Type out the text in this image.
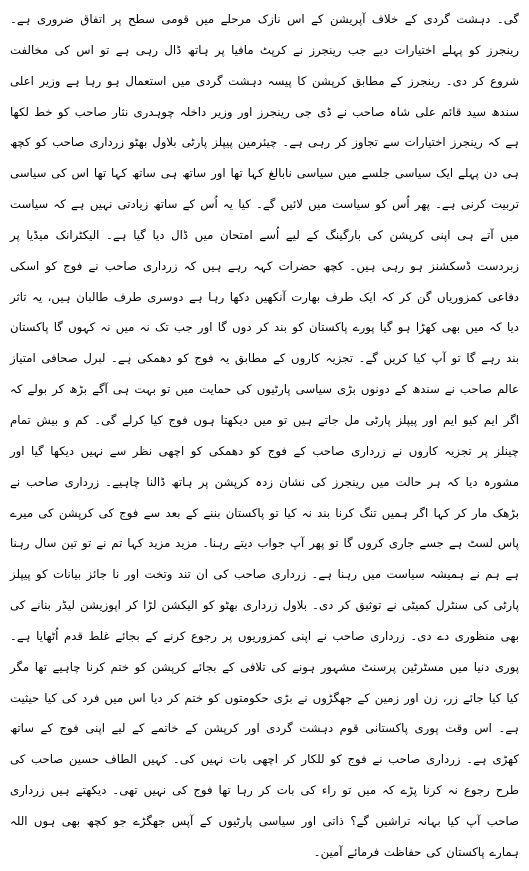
گی۔ دہشت گردی کے خلاف آپریشن کے اس نازک مرحلے میں قومی سطح پر اتفاق ضروری ہے۔ رینجرز کو پہلے اختیارات دیے جب رینجرز نے کرپٹ مافیا پر ہاتھ ڈال رہی ہے تو اس کی مخالفت شروع کر دی۔ رینجرز کے مطابق کرپشن کا پیسہ دہشت گردی میں استعمال ہو رہا ہے وزیر اعلی سندھ سید قائم علی شاہ صاحب نے ڈی جی رینجرز اور وزیر داخلہ چوہدری نثار صاحب کو خط لکھا ہے کہ رینجرز اختیارات سے تجاوز کر رہی ہے۔ چیئرمین پیپلز پارٹی بلاول بھٹو زرداری صاحب کو کچھ ہی دن پہلے ایک سیاسی جلسے میں سیاسی نابالغ کہا تھا اور ساتھ ہی ساتھ کہا تھا اس کی سیاسی تربیت کرنی ہے۔ پھر اُس کو سیاست میں لائیں گے۔ کیا یہ اُس کے ساتھ زیادتی نہیں ہے کہ سیاست میں آتے ہی اپنی کرپشن کی بارگینگ کے لیے اُسے امتحان میں ڈال دیا گیا ہے۔ الیکٹرانک میڈیا پر زبردست ڈسکشنز ہو رہی ہیں۔ کچھ حضرات کہہ رہے ہیں کہ زرداری صاحب نے فوج کو اسکی دفاعی کمزوریاں گن کر کہ ایک طرف بھارت آنکھیں دکھا رہا ہے دوسری طرف طالبان ہیں، یہ تاثر دیا کہ میں بھی کھڑا ہو گیا پورے پاکستان کو بند کر دوں گا اور جب تک نہ میں نہ کہوں گا پاکستان بند رہے گا تو آپ کیا کریں گے۔ تجزیہ کاروں کے مطابق یہ فوج کو دھمکی ہے۔ لبرل صحافی امتیاز عالم صاحب نے سندھ کے دونوں بڑی سیاسی پارٹیوں کی حمایت میں تو بہت ہی آگے بڑھ کر بولے کہ اگر ایم کیو ایم اور پیپلز پارٹی مل جاتے ہیں تو میں دیکھتا ہوں فوج کیا کرلے گی۔ کم و بیش تمام چینلز پر تجزیہ کاروں نے زرداری صاحب کے فوج کو دھمکی کو اچھی نظر سے نہیں دیکھا گیا اور مشورہ دیا کہ ہر حالت میں رینجرز کی نشان زدہ کرپشن پر ہاتھ ڈالنا چاہیے۔ زرداری صاحب نے بڑھک مار کر کہا اگر ہمیں تنگ کرنا بند نہ کیا تو پاکستان بننے کے بعد سے فوج کی کرپشن کی میرے پاس لسٹ ہے جسے جاری کروں گا تو پھر آپ جواب دیتے رہنا۔ مزید مزید کہا تم نے تو تین سال رہنا ہے ہم نے ہمیشہ سیاست میں رہنا ہے۔ زرداری صاحب کی ان تند وتخت اور نا جائز بیانات کو پیپلز پارٹی کی سنٹرل کمیٹی نے توثیق کر دی۔ بلاول زرداری بھٹو کو الیکشن لڑا کر اپوزیشن لیڈر بنانے کی بھی منظوری دے دی۔ زرداری صاحب نے اپنی کمزوریوں پر رجوع کرنے کے بجائے غلط قدم اُٹھایا ہے۔ پوری دنیا میں مسٹرٹین پرسنٹ مشہور ہونے کی تلافی کے بجائے کرپشن کو ختم کرنا چاہیے تھا مگر کیا کیا جائے زر، زن اور زمین کے جھگڑوں نے بڑی حکومتوں کو ختم کر دیا اس میں فرد کی کیا حیثیت ہے۔ اس وقت پوری پاکستانی قوم دہشت گردی اور کرپشن کے خاتمے کے لیے اپنی فوج کے ساتھ کھڑی ہے۔ زرداری صاحب نے فوج کو للکار کر اچھی بات نہیں کی۔ کہیں الطاف حسین صاحب کی طرح رجوع نہ کرنا پڑے کہ میں تو راء کی بات کر رہا تھا فوج کی نہیں تھی۔ دیکھتے ہیں زرداری صاحب آپ کیا بہانہ تراشیں گے؟ ذاتی اور سیاسی پارٹیوں کے آپس جھگڑے جو کچھ بھی ہوں اللہ ہمارے پاکستان کی حفاظت فرمائے آمین۔
